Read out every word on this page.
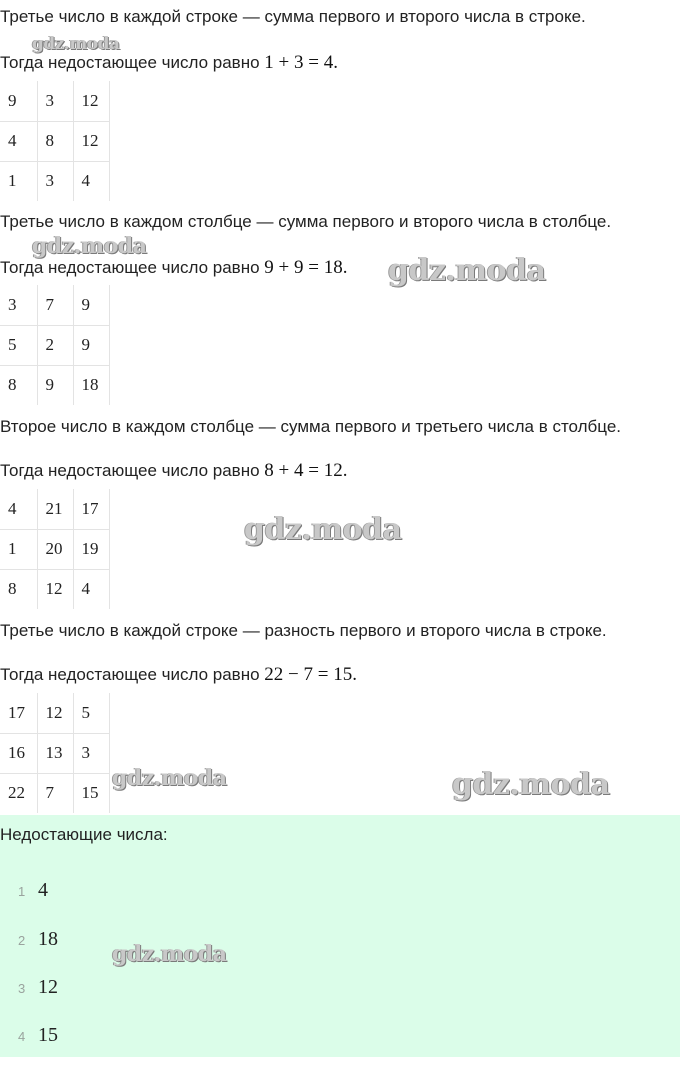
Третье число в каждой строке — сумма первого и второго числа в строке.
Тогда недостающее число равно 1 + 3 = 4.
9	3	12
4	8	12
1	3	4
Третье число в каждом столбце — сумма первого и второго числа в столбце.
Тогда недостающее число равно 9 + 9 = 18.
3	7	9
5	2	9
8	9	18
Второе число в каждом столбце — сумма первого и третьего числа в столбце.
Тогда недостающее число равно 8 + 4 = 12.
4	21	17
1	20	19
8	12	4
Третье число в каждой строке — разность первого и второго числа в строке.
Тогда недостающее число равно 22 − 7 = 15.
17	12	5
16	13	3
22	7	15
Недостающие числа:
1 4
2 18
3 12
4 15
gdz.moda
gdz.moda
gdz.moda
gdz.moda
gdz.moda	gdz.moda
gdz.moda
